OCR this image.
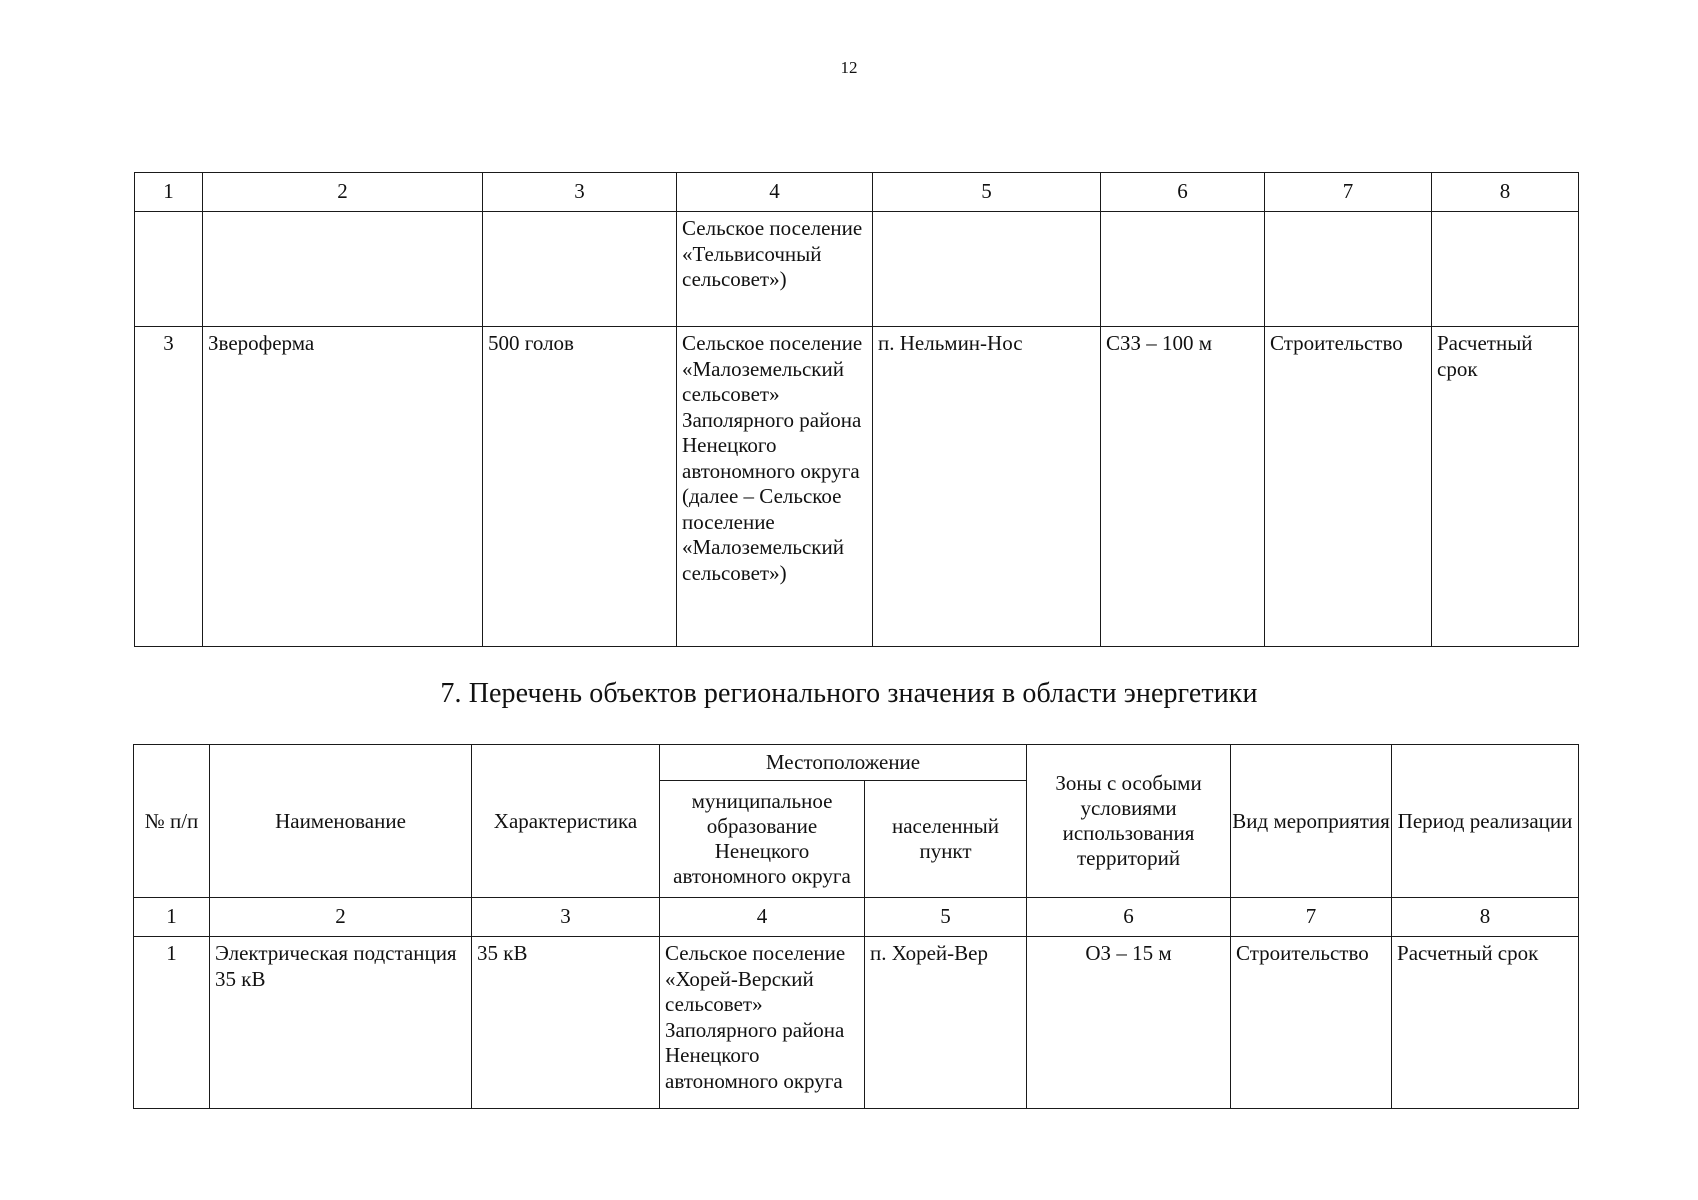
12
1	2	3	4	5	6	7	8
			Сельское поселение «Тельвисочный сельсовет»)				
3	Звероферма	500 голов	Сельское поселение «Малоземельский сельсовет» Заполярного района Ненецкого автономного округа (далее – Сельское поселение «Малоземельский сельсовет»)	п. Нельмин-Нос	СЗЗ – 100 м	Строительство	Расчетный срок
7. Перечень объектов регионального значения в области энергетики
№ п/п	Наименование	Характеристика	Местоположение		Зоны с особыми условиями использования территорий	Вид мероприятия	Период реализации
			муниципальное образование Ненецкого автономного округа	населенный пункт			
1	2	3	4	5	6	7	8
1	Электрическая подстанция 35 кВ	35 кВ	Сельское поселение «Хорей-Верский сельсовет» Заполярного района Ненецкого автономного округа	п. Хорей-Вер	ОЗ – 15 м	Строительство	Расчетный срок
